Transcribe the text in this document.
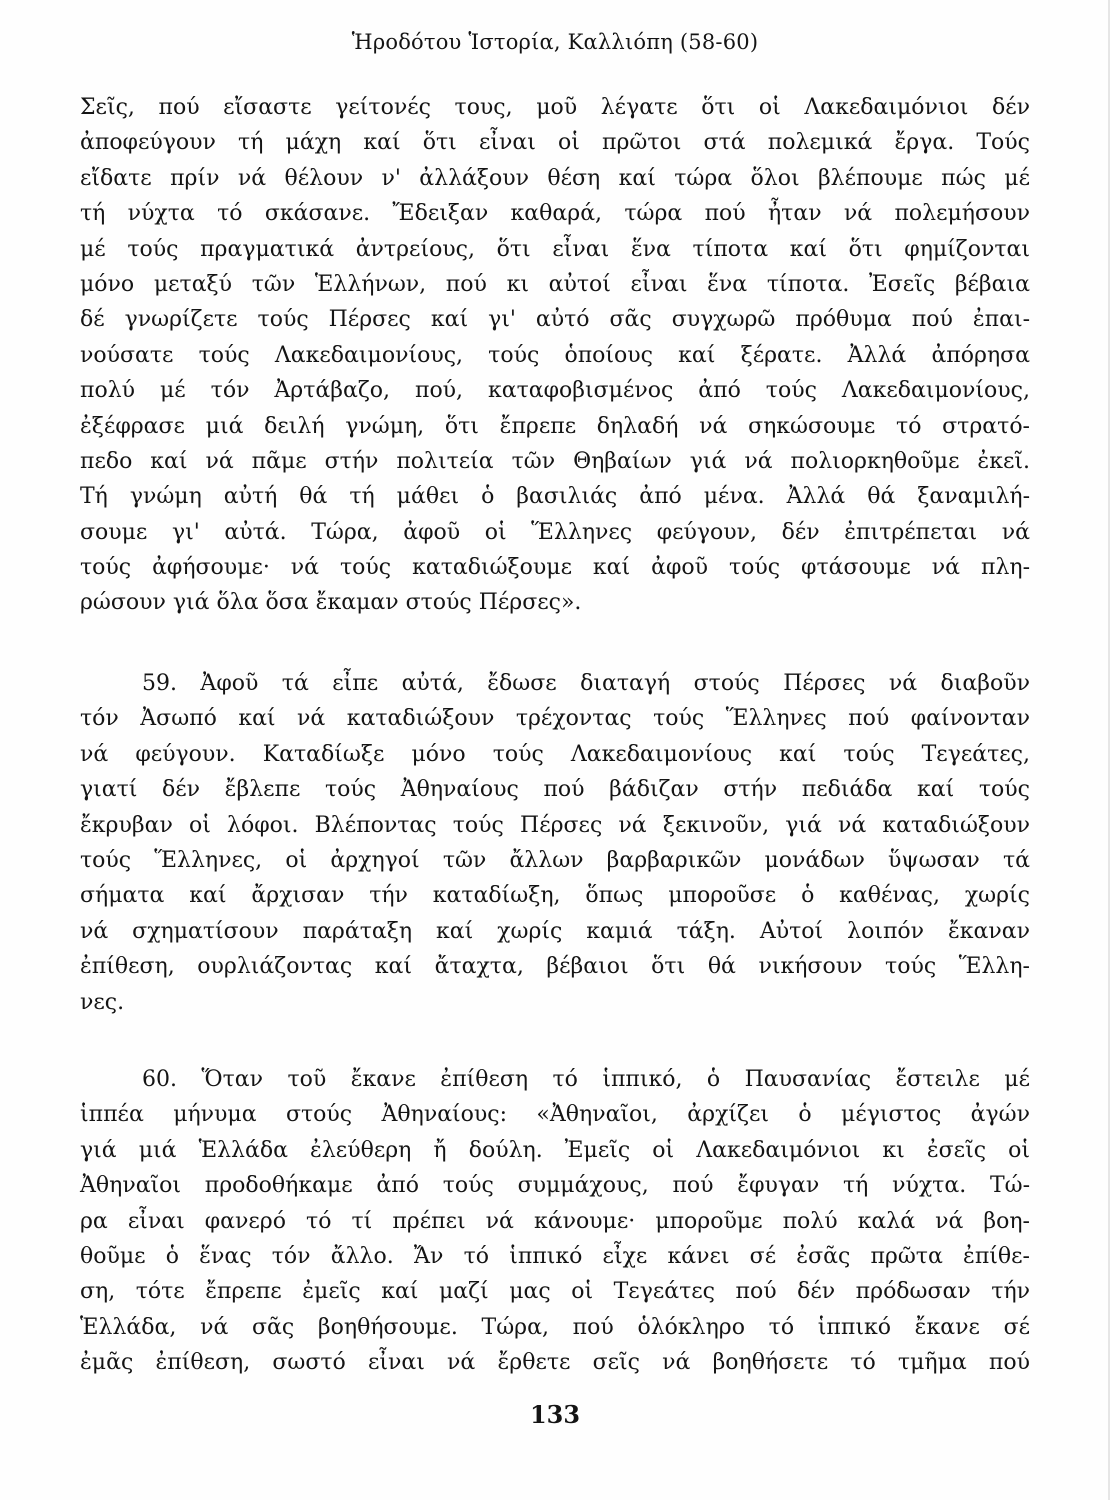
Ἡροδότου Ἱστορία, Καλλιόπη (58-60)
Σεῖς, πού εἴσαστε γείτονές τους, μοῦ λέγατε ὅτι οἱ Λακεδαιμόνιοι δέν
ἀποφεύγουν τή μάχη καί ὅτι εἶναι οἱ πρῶτοι στά πολεμικά ἔργα. Τούς
εἴδατε πρίν νά θέλουν ν' ἀλλάξουν θέση καί τώρα ὅλοι βλέπουμε πώς μέ
τή νύχτα τό σκάσανε. Ἔδειξαν καθαρά, τώρα πού ἦταν νά πολεμήσουν
μέ τούς πραγματικά ἀντρείους, ὅτι εἶναι ἕνα τίποτα καί ὅτι φημίζονται
μόνο μεταξύ τῶν Ἑλλήνων, πού κι αὐτοί εἶναι ἕνα τίποτα. Ἐσεῖς βέβαια
δέ γνωρίζετε τούς Πέρσες καί γι' αὐτό σᾶς συγχωρῶ πρόθυμα πού ἐπαι-
νούσατε τούς Λακεδαιμονίους, τούς ὁποίους καί ξέρατε. Ἀλλά ἀπόρησα
πολύ μέ τόν Ἀρτάβαζο, πού, καταφοβισμένος ἀπό τούς Λακεδαιμονίους,
ἐξέφρασε μιά δειλή γνώμη, ὅτι ἔπρεπε δηλαδή νά σηκώσουμε τό στρατό-
πεδο καί νά πᾶμε στήν πολιτεία τῶν Θηβαίων γιά νά πολιορκηθοῦμε ἐκεῖ.
Τή γνώμη αὐτή θά τή μάθει ὁ βασιλιάς ἀπό μένα. Ἀλλά θά ξαναμιλή-
σουμε γι' αὐτά. Τώρα, ἀφοῦ οἱ Ἕλληνες φεύγουν, δέν ἐπιτρέπεται νά
τούς ἀφήσουμε· νά τούς καταδιώξουμε καί ἀφοῦ τούς φτάσουμε νά πλη-
ρώσουν γιά ὅλα ὅσα ἔκαμαν στούς Πέρσες».
59. Ἀφοῦ τά εἶπε αὐτά, ἔδωσε διαταγή στούς Πέρσες νά διαβοῦν
τόν Ἀσωπό καί νά καταδιώξουν τρέχοντας τούς Ἕλληνες πού φαίνονταν
νά φεύγουν. Καταδίωξε μόνο τούς Λακεδαιμονίους καί τούς Τεγεάτες,
γιατί δέν ἔβλεπε τούς Ἀθηναίους πού βάδιζαν στήν πεδιάδα καί τούς
ἔκρυβαν οἱ λόφοι. Βλέποντας τούς Πέρσες νά ξεκινοῦν, γιά νά καταδιώξουν
τούς Ἕλληνες, οἱ ἀρχηγοί τῶν ἄλλων βαρβαρικῶν μονάδων ὕψωσαν τά
σήματα καί ἄρχισαν τήν καταδίωξη, ὅπως μποροῦσε ὁ καθένας, χωρίς
νά σχηματίσουν παράταξη καί χωρίς καμιά τάξη. Αὐτοί λοιπόν ἔκαναν
ἐπίθεση, ουρλιάζοντας καί ἄταχτα, βέβαιοι ὅτι θά νικήσουν τούς Ἕλλη-
νες.
60. Ὅταν τοῦ ἔκανε ἐπίθεση τό ἱππικό, ὁ Παυσανίας ἔστειλε μέ
ἱππέα μήνυμα στούς Ἀθηναίους: «Ἀθηναῖοι, ἀρχίζει ὁ μέγιστος ἀγών
γιά μιά Ἑλλάδα ἐλεύθερη ἤ δούλη. Ἐμεῖς οἱ Λακεδαιμόνιοι κι ἐσεῖς οἱ
Ἀθηναῖοι προδοθήκαμε ἀπό τούς συμμάχους, πού ἔφυγαν τή νύχτα. Τώ-
ρα εἶναι φανερό τό τί πρέπει νά κάνουμε· μποροῦμε πολύ καλά νά βοη-
θοῦμε ὁ ἕνας τόν ἄλλο. Ἄν τό ἱππικό εἶχε κάνει σέ ἐσᾶς πρῶτα ἐπίθε-
ση, τότε ἔπρεπε ἐμεῖς καί μαζί μας οἱ Τεγεάτες πού δέν πρόδωσαν τήν
Ἑλλάδα, νά σᾶς βοηθήσουμε. Τώρα, πού ὁλόκληρο τό ἱππικό ἔκανε σέ
ἐμᾶς ἐπίθεση, σωστό εἶναι νά ἔρθετε σεῖς νά βοηθήσετε τό τμῆμα πού
133
